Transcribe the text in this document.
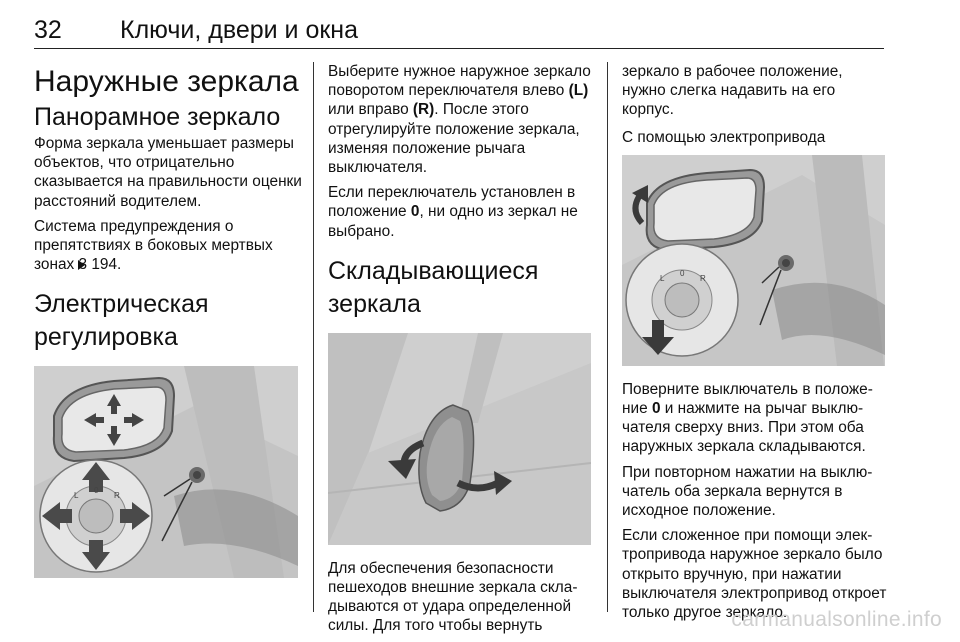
32 Ключи, двери и окна
Наружные зеркала
Панорамное зеркало

Форма зеркала уменьшает размеры объектов, что отрицательно сказывается на правильности оценки расстояний водителем.

Система предупреждения о препятствиях в боковых мертвых зонах 3 194.

Электрическая
регулировка
L
0
R

Выберите нужное наружное зеркало поворотом переключателя влево (L) или вправо (R). После этого отрегулируйте положение зеркала, изменяя положение рычага выключателя.

Если переключатель установлен в положение 0, ни одно из зеркал не выбрано.

Складывающиеся
зеркала

Для обеспечения безопасности пешеходов внешние зеркала складываются от удара определенной силы. Для того чтобы вернуть

зеркало в рабочее положение, нужно слегка надавить на его корпус.

С помощью электропривода
L
0
R

Поверните выключатель в положение 0 и нажмите на рычаг выключателя сверху вниз. При этом оба наружных зеркала складываются.

При повторном нажатии на выключатель оба зеркала вернутся в исходное положение.

Если сложенное при помощи электропривода наружное зеркало было открыто вручную, при нажатии выключателя электропривод откроет только другое зеркало.

carmanualsonline.info
